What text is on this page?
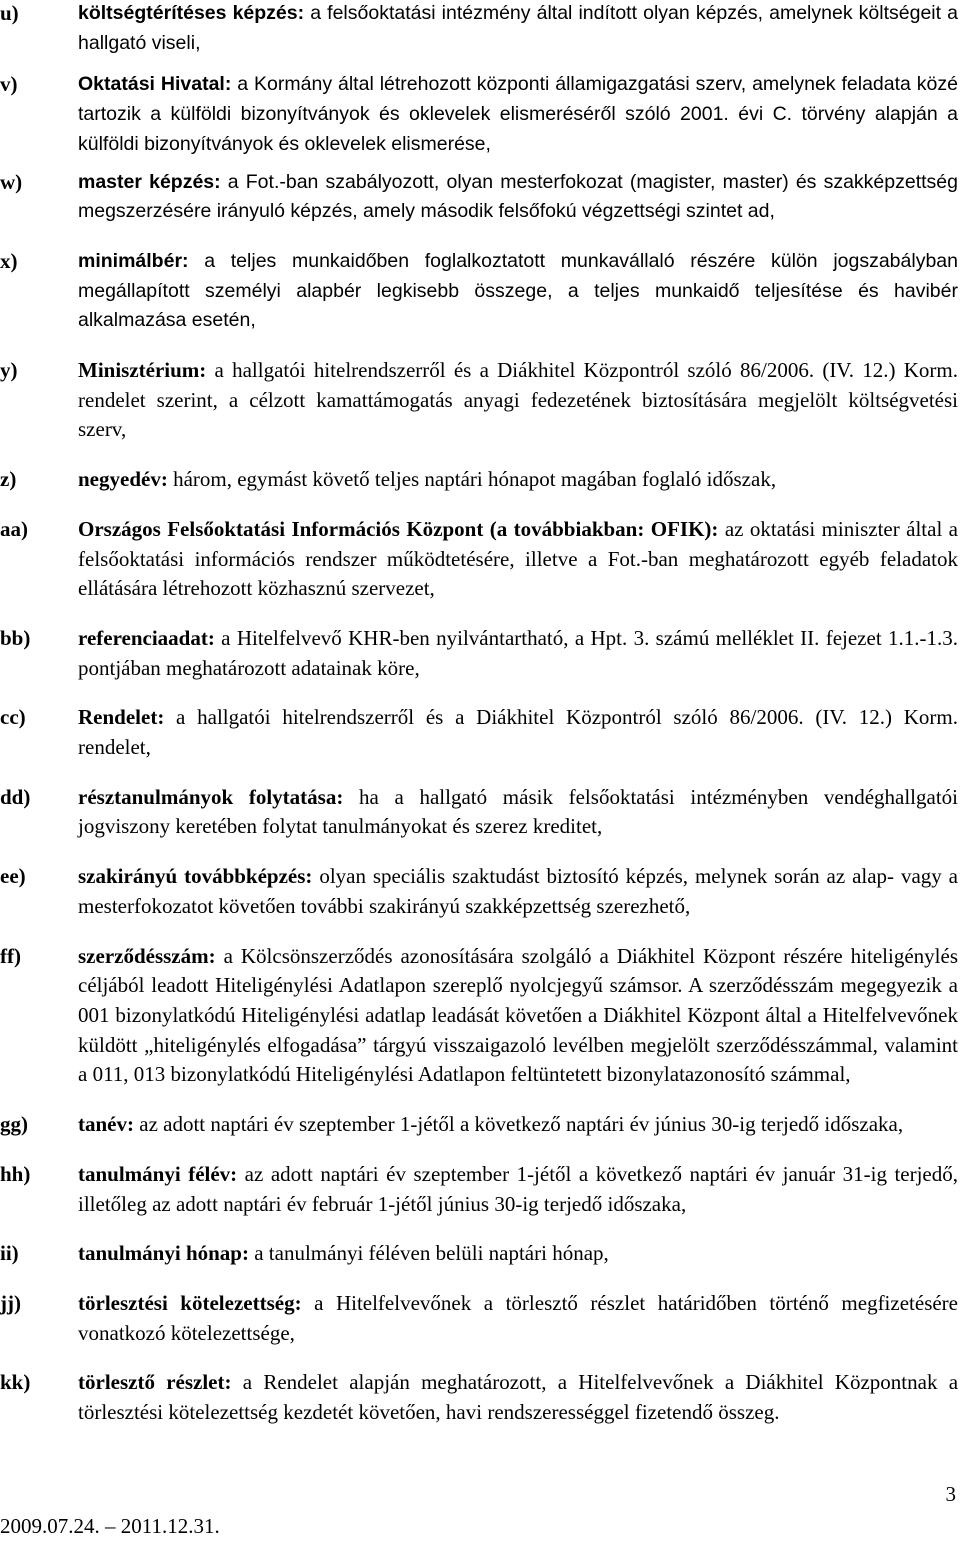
u)	költségtérítéses képzés: a felsőoktatási intézmény által indított olyan képzés, amelynek költségeit a hallgató viseli,
v)	Oktatási Hivatal: a Kormány által létrehozott központi államigazgatási szerv, amelynek feladata közé tartozik a külföldi bizonyítványok és oklevelek elismeréséről szóló 2001. évi C. törvény alapján a külföldi bizonyítványok és oklevelek elismerése,
w)	master képzés: a Fot.-ban szabályozott, olyan mesterfokozat (magister, master) és szakképzettség megszerzésére irányuló képzés, amely második felsőfokú végzettségi szintet ad,
x)	minimálbér: a teljes munkaidőben foglalkoztatott munkavállaló részére külön jogszabályban megállapított személyi alapbér legkisebb összege, a teljes munkaidő teljesítése és havibér alkalmazása esetén,
y)	Minisztérium: a hallgatói hitelrendszerről és a Diákhitel Központról szóló 86/2006. (IV. 12.) Korm. rendelet szerint, a célzott kamattámogatás anyagi fedezetének biztosítására megjelölt költségvetési szerv,
z)	negyedév: három, egymást követő teljes naptári hónapot magában foglaló időszak,
aa) Országos Felsőoktatási Információs Központ (a továbbiakban: OFIK): az oktatási miniszter által a felsőoktatási információs rendszer működtetésére, illetve a Fot.-ban meghatározott egyéb feladatok ellátására létrehozott közhasznú szervezet,
bb) referenciaadat: a Hitelfelvevő KHR-ben nyilvántartható, a Hpt. 3. számú melléklet II. fejezet 1.1.-1.3. pontjában meghatározott adatainak köre,
cc) Rendelet: a hallgatói hitelrendszerről és a Diákhitel Központról szóló 86/2006. (IV. 12.) Korm. rendelet,
dd) résztanulmányok folytatása: ha a hallgató másik felsőoktatási intézményben vendéghallgatói jogviszony keretében folytat tanulmányokat és szerez kreditet,
ee) szakirányú továbbképzés: olyan speciális szaktudást biztosító képzés, melynek során az alap- vagy a mesterfokozatot követően további szakirányú szakképzettség szerezhető,
ff)	szerződésszám: a Kölcsönszerződés azonosítására szolgáló a Diákhitel Központ részére hiteligénylés céljából leadott Hiteligénylési Adatlapon szereplő nyolcjegyű számsor. A szerződésszám megegyezik a 001 bizonylatkódú Hiteligénylési adatlap leadását követően a Diákhitel Központ által a Hitelfelvevőnek küldött „hiteligénylés elfogadása” tárgyú visszaigazoló levélben megjelölt szerződésszámmal, valamint a 011, 013 bizonylatkódú Hiteligénylési Adatlapon feltüntetett bizonylatazonosító számmal,
gg) tanév: az adott naptári év szeptember 1-jétől a következő naptári év június 30-ig terjedő időszaka,
hh) tanulmányi félév: az adott naptári év szeptember 1-jétől a következő naptári év január 31-ig terjedő, illetőleg az adott naptári év február 1-jétől június 30-ig terjedő időszaka,
ii)	tanulmányi hónap: a tanulmányi féléven belüli naptári hónap,
jj)	törlesztési kötelezettség: a Hitelfelvevőnek a törlesztő részlet határidőben történő megfizetésére vonatkozó kötelezettsége,
kk) törlesztő részlet: a Rendelet alapján meghatározott, a Hitelfelvevőnek a Diákhitel Központnak a törlesztési kötelezettség kezdetét követően, havi rendszerességgel fizetendő összeg.
3
2009.07.24. – 2011.12.31.
